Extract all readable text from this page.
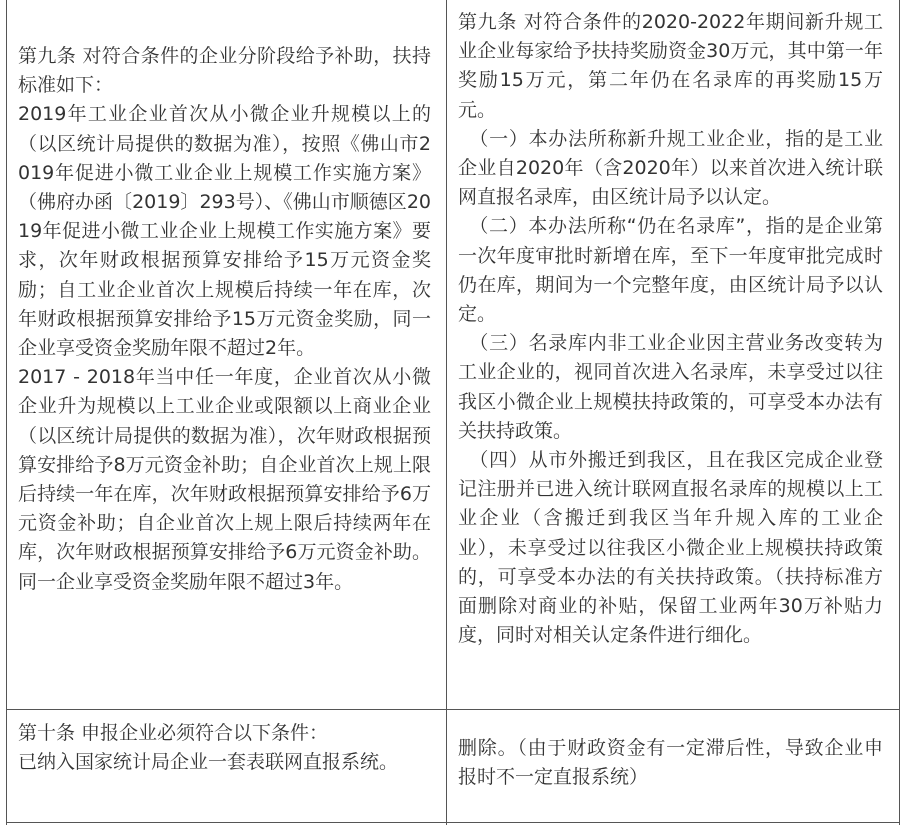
第九条 对符合条件的企业分阶段给予补助，扶持标准如下：

2019年工业企业首次从小微企业升规模以上的（以区统计局提供的数据为准），按照《佛山市2019年促进小微工业企业上规模工作实施方案》（佛府办函〔2019〕293号）、《佛山市顺德区2019年促进小微工业企业上规模工作实施方案》要求，次年财政根据预算安排给予15万元资金奖励；自工业企业首次上规模后持续一年在库，次年财政根据预算安排给予15万元资金奖励，同一企业享受资金奖励年限不超过2年。

2017 - 2018年当中任一年度，企业首次从小微企业升为规模以上工业企业或限额以上商业企业（以区统计局提供的数据为准），次年财政根据预算安排给予8万元资金补助；自企业首次上规上限后持续一年在库，次年财政根据预算安排给予6万元资金补助；自企业首次上规上限后持续两年在库，次年财政根据预算安排给予6万元资金补助。同一企业享受资金奖励年限不超过3年。

第九条 对符合条件的2020-2022年期间新升规工业企业每家给予扶持奖励资金30万元，其中第一年奖励15万元，第二年仍在名录库的再奖励15万元。

（一）本办法所称新升规工业企业，指的是工业企业自2020年（含2020年）以来首次进入统计联网直报名录库，由区统计局予以认定。

（二）本办法所称“仍在名录库”，指的是企业第一次年度审批时新增在库，至下一年度审批完成时仍在库，期间为一个完整年度，由区统计局予以认定。

（三）名录库内非工业企业因主营业务改变转为工业企业的，视同首次进入名录库，未享受过以往我区小微企业上规模扶持政策的，可享受本办法有关扶持政策。

（四）从市外搬迁到我区，且在我区完成企业登记注册并已进入统计联网直报名录库的规模以上工业企业（含搬迁到我区当年升规入库的工业企业），未享受过以往我区小微企业上规模扶持政策的，可享受本办法的有关扶持政策。（扶持标准方面删除对商业的补贴，保留工业两年30万补贴力度，同时对相关认定条件进行细化。

第十条 申报企业必须符合以下条件：

已纳入国家统计局企业一套表联网直报系统。

删除。（由于财政资金有一定滞后性，导致企业申报时不一定直报系统）
